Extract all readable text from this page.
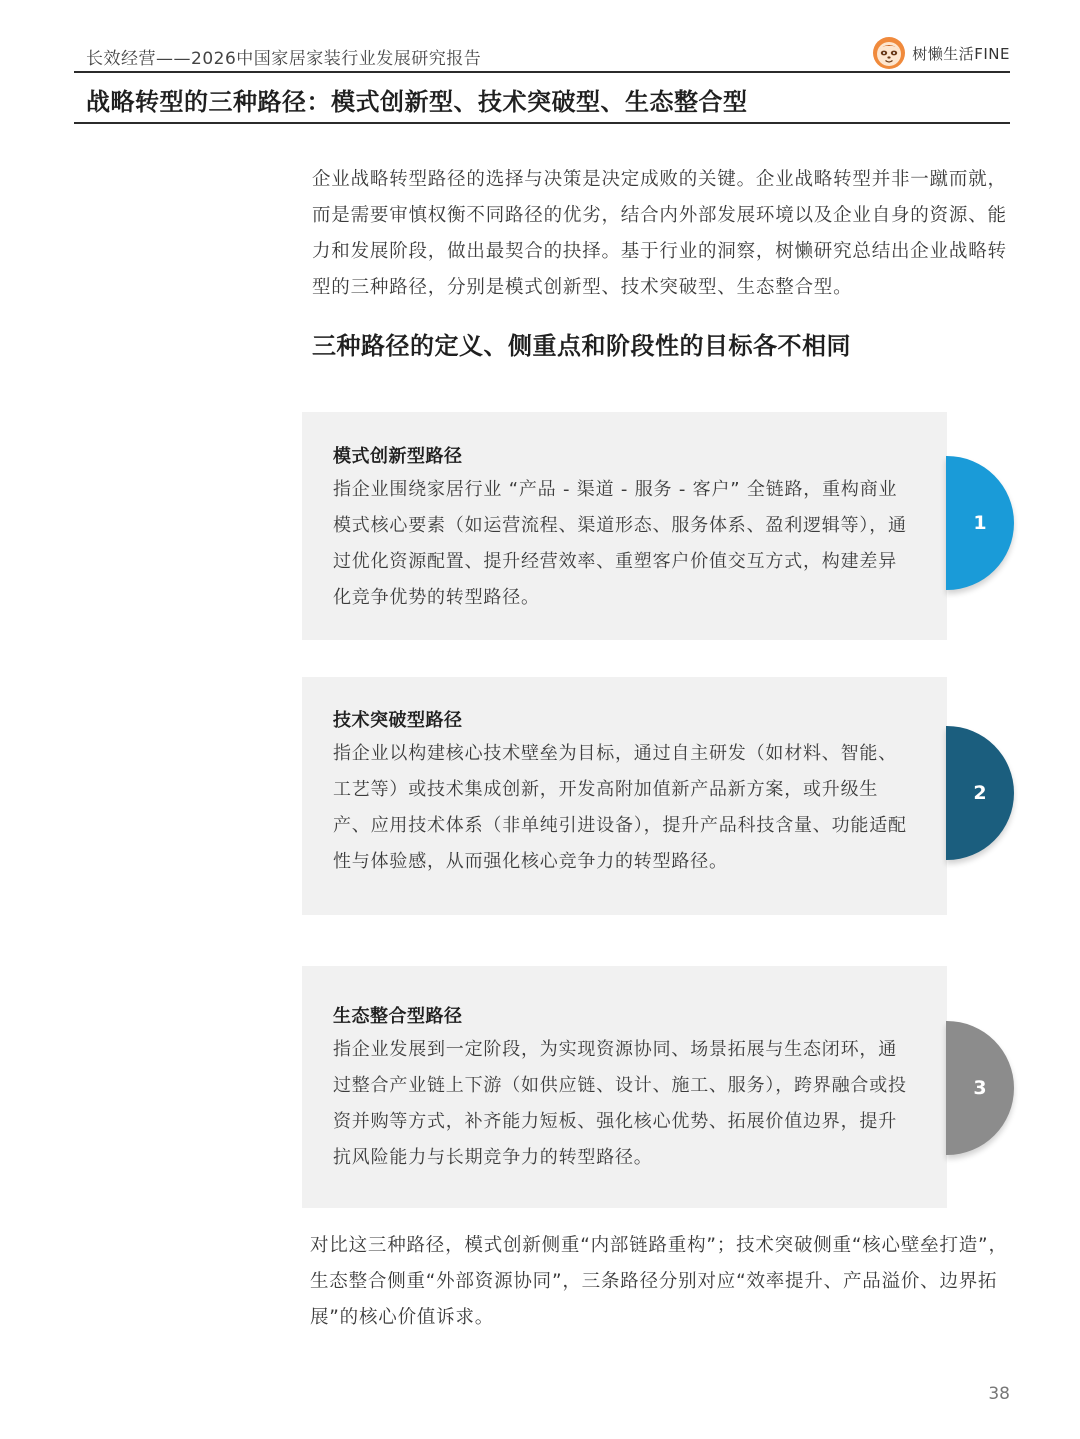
长效经营——2026中国家居家装行业发展研究报告	树懒生活FINE
战略转型的三种路径：模式创新型、技术突破型、生态整合型
企业战略转型路径的选择与决策是决定成败的关键。企业战略转型并非一蹴而就，而是需要审慎权衡不同路径的优劣，结合内外部发展环境以及企业自身的资源、能力和发展阶段，做出最契合的抉择。基于行业的洞察，树懒研究总结出企业战略转型的三种路径，分别是模式创新型、技术突破型、生态整合型。
三种路径的定义、侧重点和阶段性的目标各不相同
模式创新型路径
指企业围绕家居行业 “产品 - 渠道 - 服务 - 客户” 全链路，重构商业模式核心要素（如运营流程、渠道形态、服务体系、盈利逻辑等），通过优化资源配置、提升经营效率、重塑客户价值交互方式，构建差异化竞争优势的转型路径。
1
技术突破型路径
指企业以构建核心技术壁垒为目标，通过自主研发（如材料、智能、工艺等）或技术集成创新，开发高附加值新产品新方案，或升级生产、应用技术体系（非单纯引进设备），提升产品科技含量、功能适配性与体验感，从而强化核心竞争力的转型路径。
2
生态整合型路径
指企业发展到一定阶段，为实现资源协同、场景拓展与生态闭环，通过整合产业链上下游（如供应链、设计、施工、服务），跨界融合或投资并购等方式，补齐能力短板、强化核心优势、拓展价值边界，提升抗风险能力与长期竞争力的转型路径。
3
对比这三种路径，模式创新侧重“内部链路重构”；技术突破侧重“核心壁垒打造”，生态整合侧重“外部资源协同”，三条路径分别对应“效率提升、产品溢价、边界拓展”的核心价值诉求。
38
